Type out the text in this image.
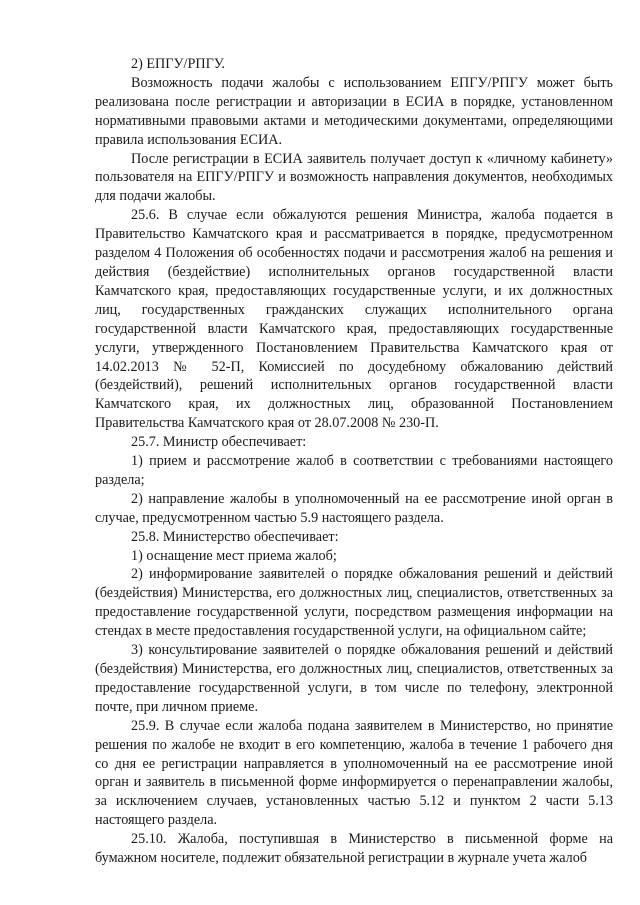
2) ЕПГУ/РПГУ.

Возможность подачи жалобы с использованием ЕПГУ/РПГУ может быть реализована после регистрации и авторизации в ЕСИА в порядке, установленном нормативными правовыми актами и методическими документами, определяющими правила использования ЕСИА.

После регистрации в ЕСИА заявитель получает доступ к «личному кабинету» пользователя на ЕПГУ/РПГУ и возможность направления документов, необходимых для подачи жалобы.

25.6. В случае если обжалуются решения Министра, жалоба подается в Правительство Камчатского края и рассматривается в порядке, предусмотренном разделом 4 Положения об особенностях подачи и рассмотрения жалоб на решения и действия (бездействие) исполнительных органов государственной власти Камчатского края, предоставляющих государственные услуги, и их должностных лиц, государственных гражданских служащих исполнительного органа государственной власти Камчатского края, предоставляющих государственные услуги, утвержденного Постановлением Правительства Камчатского края от 14.02.2013 № 52-П, Комиссией по досудебному обжалованию действий (бездействий), решений исполнительных органов государственной власти Камчатского края, их должностных лиц, образованной Постановлением Правительства Камчатского края от 28.07.2008 № 230-П.

25.7. Министр обеспечивает:

1) прием и рассмотрение жалоб в соответствии с требованиями настоящего раздела;

2) направление жалобы в уполномоченный на ее рассмотрение иной орган в случае, предусмотренном частью 5.9 настоящего раздела.

25.8. Министерство обеспечивает:

1) оснащение мест приема жалоб;

2) информирование заявителей о порядке обжалования решений и действий (бездействия) Министерства, его должностных лиц, специалистов, ответственных за предоставление государственной услуги, посредством размещения информации на стендах в месте предоставления государственной услуги, на официальном сайте;

3) консультирование заявителей о порядке обжалования решений и действий (бездействия) Министерства, его должностных лиц, специалистов, ответственных за предоставление государственной услуги, в том числе по телефону, электронной почте, при личном приеме.

25.9. В случае если жалоба подана заявителем в Министерство, но принятие решения по жалобе не входит в его компетенцию, жалоба в течение 1 рабочего дня со дня ее регистрации направляется в уполномоченный на ее рассмотрение иной орган и заявитель в письменной форме информируется о перенаправлении жалобы, за исключением случаев, установленных частью 5.12 и пунктом 2 части 5.13 настоящего раздела.

25.10. Жалоба, поступившая в Министерство в письменной форме на бумажном носителе, подлежит обязательной регистрации в журнале учета жалоб
